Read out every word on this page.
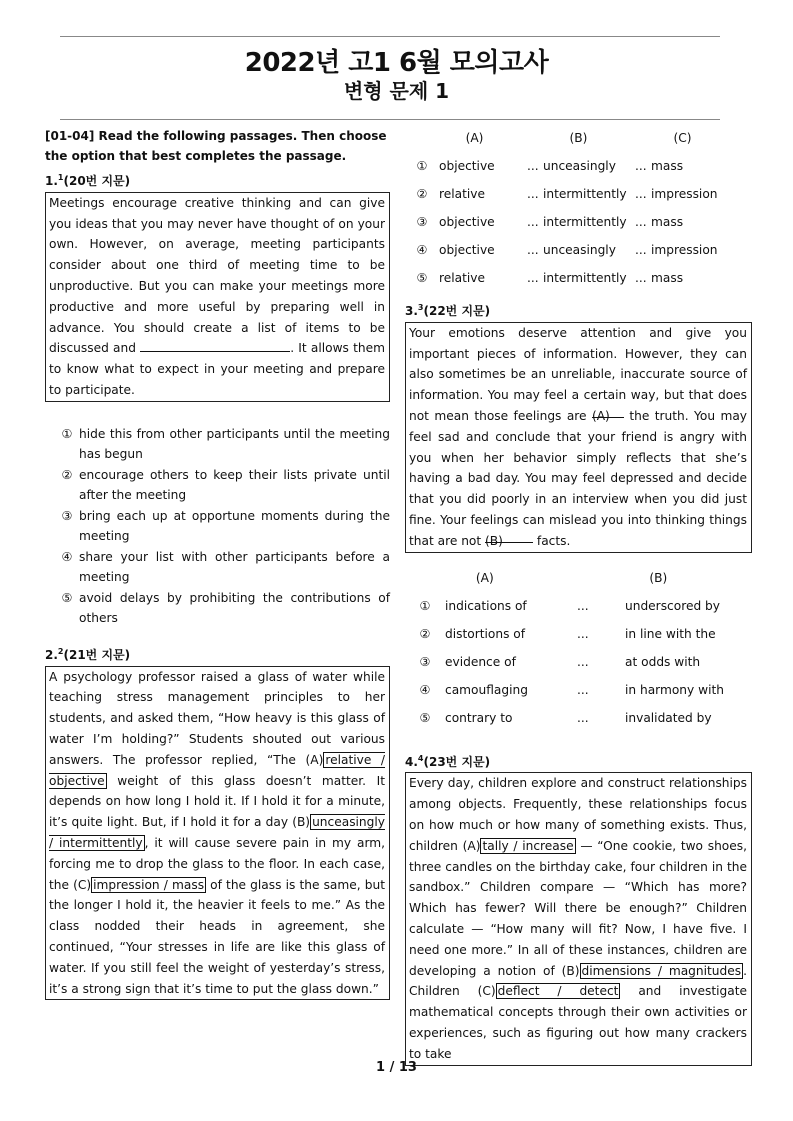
2022년 고1 6월 모의고사
변형 문제 1
[01-04] Read the following passages. Then choose the option that best completes the passage.
1.$^1$(20번 지문)
Meetings encourage creative thinking and can give you ideas that you may never have thought of on your own. However, on average, meeting participants consider about one third of meeting time to be unproductive. But you can make your meetings more productive and more useful by preparing well in advance. You should create a list of items to be discussed and	. It allows them to know what to expect in your meeting and prepare to participate.
① hide this from other participants until the meeting has begun
② encourage others to keep their lists private until after the meeting
③ bring each up at opportune moments during the meeting
④ share your list with other participants before a meeting
⑤ avoid delays by prohibiting the contributions of others
2.$^2$(21번 지문)
A psychology professor raised a glass of water while teaching stress management principles to her students, and asked them, “How heavy is this glass of water I’m holding?” Students shouted out various answers. The professor replied, “The (A) relative / objective weight of this glass doesn’t matter. It depends on how long I hold it. If I hold it for a minute, it’s quite light. But, if I hold it for a day (B) unceasingly / intermittently , it will cause severe pain in my arm, forcing me to drop the glass to the floor. In each case, the (C) impression / mass of the glass is the same, but the longer I hold it, the heavier it feels to me.” As the class nodded their heads in agreement, she continued, “Your stresses in life are like this glass of water. If you still feel the weight of yesterday’s stress, it’s a strong sign that it’s time to put the glass down.”
(A)	(B)	(C)
① objective	... unceasingly	... mass
② relative	... intermittently ... impression
③ objective	... intermittently ... mass
④ objective	... unceasingly	... impression
⑤ relative	... intermittently ... mass
3.$^3$(22번 지문)
Your emotions deserve attention and give you important pieces of information. However, they can also sometimes be an unreliable, inaccurate source of information. You may feel a certain way, but that does not mean those feelings are (A) the truth. You may feel sad and conclude that your friend is angry with you when her behavior simply reflects that she’s having a bad day. You may feel depressed and decide that you did poorly in an interview when you did just fine. Your feelings can mislead you into thinking things that are not (B) facts.
(A)	(B)
①	indications of	...	underscored by
②	distortions of	...	in line with the
③	evidence of	...	at odds with
④	camouflaging	...	in harmony with
⑤	contrary to	...	invalidated by
4.$^4$(23번 지문)
Every day, children explore and construct relationships among objects. Frequently, these relationships focus on how much or how many of something exists. Thus, children (A) tally / increase — “One cookie, two shoes, three candles on the birthday cake, four children in the sandbox.” Children compare — “Which has more? Which has fewer? Will there be enough?” Children calculate — “How many will fit? Now, I have five. I need one more.” In all of these instances, children are developing a notion of (B) dimensions / magnitudes . Children (C) deflect / detect and investigate mathematical concepts through their own activities or experiences, such as figuring out how many crackers to take
1 / 13
